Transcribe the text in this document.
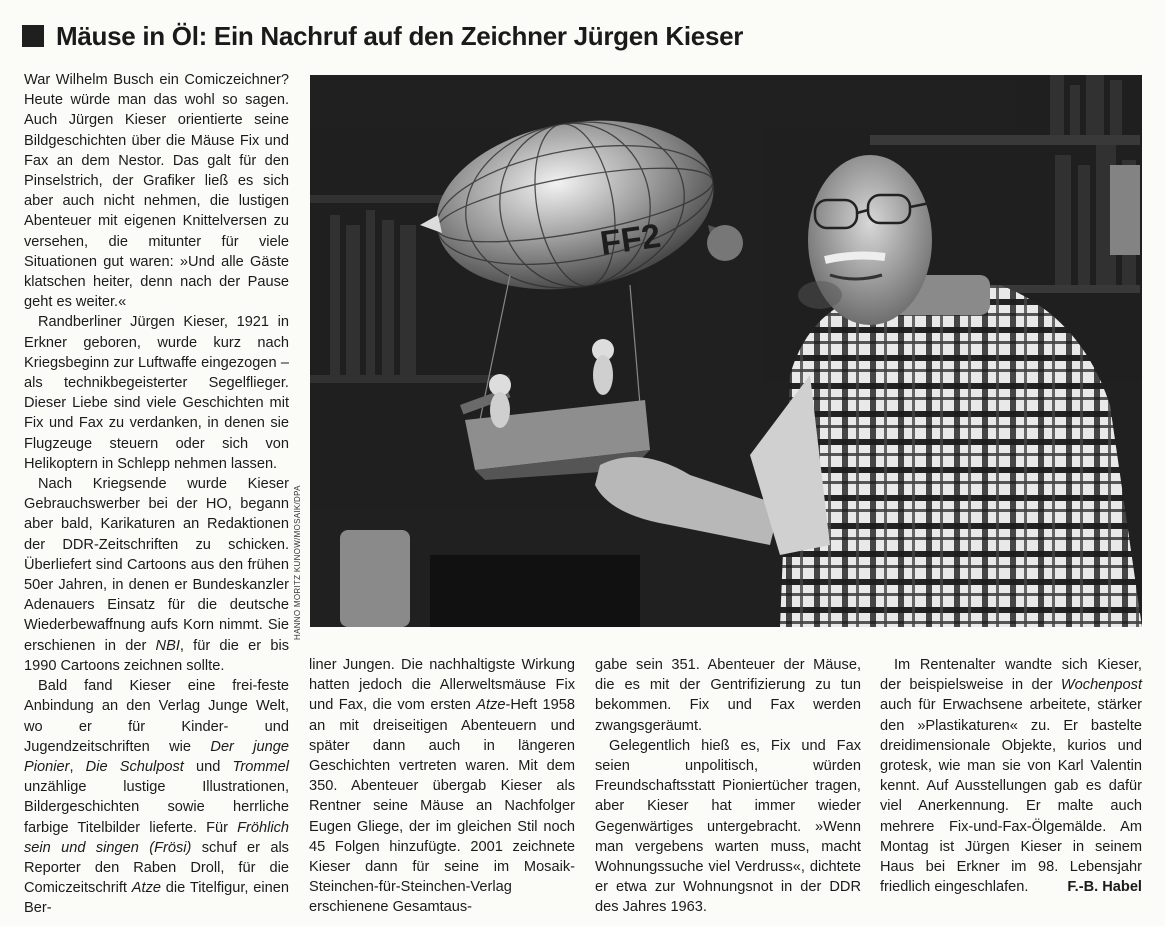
Mäuse in Öl: Ein Nachruf auf den Zeichner Jürgen Kieser

War Wilhelm Busch ein Comiczeichner? Heute würde man das wohl so sagen. Auch Jürgen Kieser orientierte seine Bildgeschichten über die Mäuse Fix und Fax an dem Nestor. Das galt für den Pinselstrich, der Grafiker ließ es sich aber auch nicht nehmen, die lustigen Abenteuer mit eigenen Knittelversen zu versehen, die mitunter für viele Situationen gut waren: »Und alle Gäste klatschen heiter, denn nach der Pause geht es weiter.«

Randberliner Jürgen Kieser, 1921 in Erkner geboren, wurde kurz nach Kriegsbeginn zur Luftwaffe eingezogen – als technikbegeisterter Segelflieger. Dieser Liebe sind viele Geschichten mit Fix und Fax zu verdanken, in denen sie Flugzeuge steuern oder sich von Helikoptern in Schlepp nehmen lassen.

Nach Kriegsende wurde Kieser Gebrauchswerber bei der HO, begann aber bald, Karikaturen an Redaktionen der DDR-Zeitschriften zu schicken. Überliefert sind Cartoons aus den frühen 50er Jahren, in denen er Bundeskanzler Adenauers Einsatz für die deutsche Wiederbewaffnung aufs Korn nimmt. Sie erschienen in der NBI, für die er bis 1990 Cartoons zeichnen sollte.

Bald fand Kieser eine frei-feste Anbindung an den Verlag Junge Welt, wo er für Kinder- und Jugendzeitschriften wie Der junge Pionier, Die Schulpost und Trommel unzählige lustige Illustrationen, Bildergeschichten sowie herrliche farbige Titelbilder lieferte. Für Fröhlich sein und singen (Frösi) schuf er als Reporter den Raben Droll, für die Comiczeitschrift Atze die Titelfigur, einen Ber-

FF2
HANNO MORITZ KUNOW/MOSAIK/DPA

liner Jungen. Die nachhaltigste Wirkung hatten jedoch die Allerweltsmäuse Fix und Fax, die vom ersten Atze-Heft 1958 an mit dreiseitigen Abenteuern und später dann auch in längeren Geschichten vertreten waren. Mit dem 350. Abenteuer übergab Kieser als Rentner seine Mäuse an Nachfolger Eugen Gliege, der im gleichen Stil noch 45 Folgen hinzufügte. 2001 zeichnete Kieser dann für seine im Mosaik-Steinchen-für-Steinchen-Verlag erschienene Gesamtaus-

gabe sein 351. Abenteuer der Mäuse, die es mit der Gentrifizierung zu tun bekommen. Fix und Fax werden zwangsgeräumt.

Gelegentlich hieß es, Fix und Fax seien unpolitisch, würden Freundschaftsstatt Pioniertücher tragen, aber Kieser hat immer wieder Gegenwärtiges untergebracht. »Wenn man vergebens warten muss, macht Wohnungssuche viel Verdruss«, dichtete er etwa zur Wohnungsnot in der DDR des Jahres 1963.

Im Rentenalter wandte sich Kieser, der beispielsweise in der Wochenpost auch für Erwachsene arbeitete, stärker den »Plastikaturen« zu. Er bastelte dreidimensionale Objekte, kurios und grotesk, wie man sie von Karl Valentin kennt. Auf Ausstellungen gab es dafür viel Anerkennung. Er malte auch mehrere Fix-und-Fax-Ölgemälde. Am Montag ist Jürgen Kieser in seinem Haus bei Erkner im 98. Lebensjahr friedlich eingeschlafen.	F.-B. Habel
